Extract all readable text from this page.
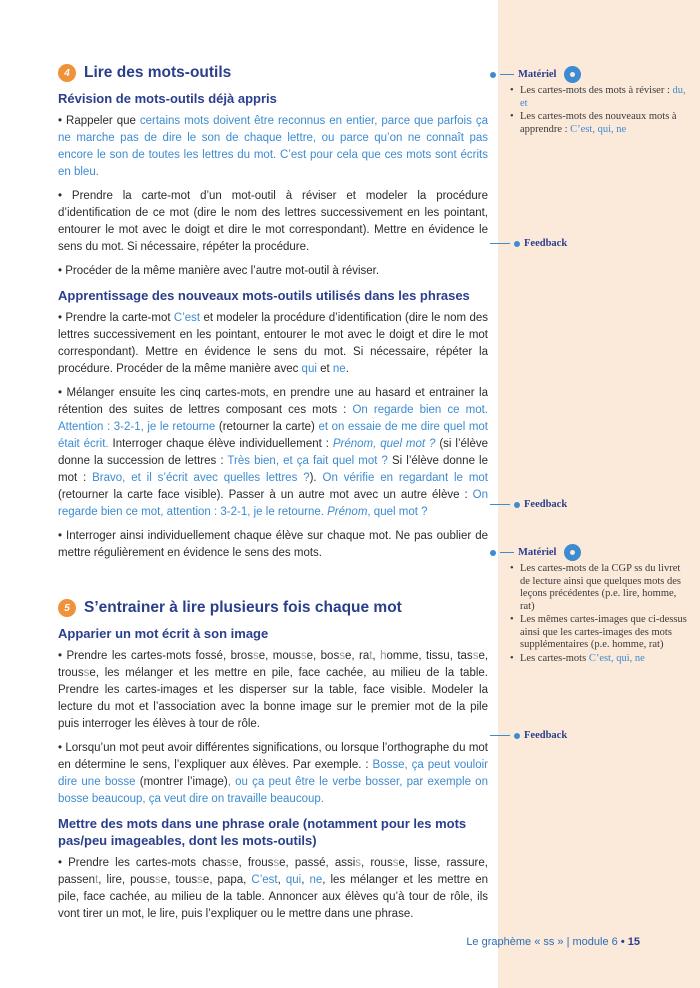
4 Lire des mots-outils
Révision de mots-outils déjà appris

• Rappeler que certains mots doivent être reconnus en entier, parce que parfois ça ne marche pas de dire le son de chaque lettre, ou parce qu’on ne connaît pas encore le son de toutes les lettres du mot. C’est pour cela que ces mots sont écrits en bleu.

• Prendre la carte-mot d’un mot-outil à réviser et modeler la procédure d’identification de ce mot (dire le nom des lettres successivement en les pointant, entourer le mot avec le doigt et dire le mot correspondant). Mettre en évidence le sens du mot. Si nécessaire, répéter la procédure.

• Procéder de la même manière avec l’autre mot-outil à réviser.

Apprentissage des nouveaux mots-outils utilisés dans les phrases

• Prendre la carte-mot C’est et modeler la procédure d’identification (dire le nom des lettres successivement en les pointant, entourer le mot avec le doigt et dire le mot correspondant). Mettre en évidence le sens du mot. Si nécessaire, répéter la procédure. Procéder de la même manière avec qui et ne.

• Mélanger ensuite les cinq cartes-mots, en prendre une au hasard et entrainer la rétention des suites de lettres composant ces mots : On regarde bien ce mot. Attention : 3-2-1, je le retourne (retourner la carte) et on essaie de me dire quel mot était écrit. Interroger chaque élève individuellement : Prénom, quel mot ? (si l’élève donne la succession de lettres : Très bien, et ça fait quel mot ? Si l’élève donne le mot : Bravo, et il s’écrit avec quelles lettres ?). On vérifie en regardant le mot (retourner la carte face visible). Passer à un autre mot avec un autre élève : On regarde bien ce mot, attention : 3-2-1, je le retourne. Prénom, quel mot ?

• Interroger ainsi individuellement chaque élève sur chaque mot. Ne pas oublier de mettre régulièrement en évidence le sens des mots.

5 S’entrainer à lire plusieurs fois chaque mot
Apparier un mot écrit à son image

• Prendre les cartes-mots fossé, brosse, mousse, bosse, rat, homme, tissu, tasse, trousse, les mélanger et les mettre en pile, face cachée, au milieu de la table. Prendre les cartes-images et les disperser sur la table, face visible. Modeler la lecture du mot et l’association avec la bonne image sur le premier mot de la pile puis interroger les élèves à tour de rôle.

• Lorsqu’un mot peut avoir différentes significations, ou lorsque l’orthographe du mot en détermine le sens, l’expliquer aux élèves. Par exemple. : Bosse, ça peut vouloir dire une bosse (montrer l’image), ou ça peut être le verbe bosser, par exemple on bosse beaucoup, ça veut dire on travaille beaucoup.

Mettre des mots dans une phrase orale (notamment pour les mots pas/peu imageables, dont les mots-outils)

• Prendre les cartes-mots chasse, frousse, passé, assis, rousse, lisse, rassure, passent, lire, pousse, tousse, papa, C’est, qui, ne, les mélanger et les mettre en pile, face cachée, au milieu de la table. Annoncer aux élèves qu’à tour de rôle, ils vont tirer un mot, le lire, puis l’expliquer ou le mettre dans une phrase.

Matériel
• Les cartes-mots des mots à réviser : du, et
• Les cartes-mots des nouveaux mots à apprendre : C’est, qui, ne
Feedback
Feedback
Matériel
• Les cartes-mots de la CGP ss du livret de lecture ainsi que quelques mots des leçons précédentes (p.e. lire, homme, rat)
• Les mêmes cartes-images que ci-dessus ainsi que les cartes-images des mots supplémentaires (p.e. homme, rat)
• Les cartes-mots C’est, qui, ne
Feedback
Le graphème « ss » | module 6 • 15
